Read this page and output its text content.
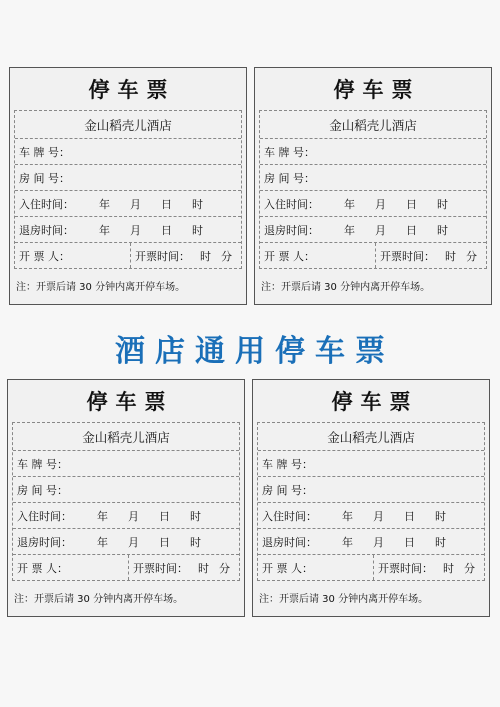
停车票
金山稻壳儿酒店
车 牌 号：
房 间 号：
入住时间：	年 月 日 时
退房时间：	年 月 日 时
开 票 人：	开票时间： 时 分
注：开票后请 30 分钟内离开停车场。
停车票
金山稻壳儿酒店
车 牌 号：
房 间 号：
入住时间：	年 月 日 时
退房时间：	年 月 日 时
开 票 人：	开票时间： 时 分
注：开票后请 30 分钟内离开停车场。
酒店通用停车票
停车票
金山稻壳儿酒店
车 牌 号：
房 间 号：
入住时间：	年 月 日 时
退房时间：	年 月 日 时
开 票 人：	开票时间： 时 分
注：开票后请 30 分钟内离开停车场。
停车票
金山稻壳儿酒店
车 牌 号：
房 间 号：
入住时间：	年 月 日 时
退房时间：	年 月 日 时
开 票 人：	开票时间： 时 分
注：开票后请 30 分钟内离开停车场。
